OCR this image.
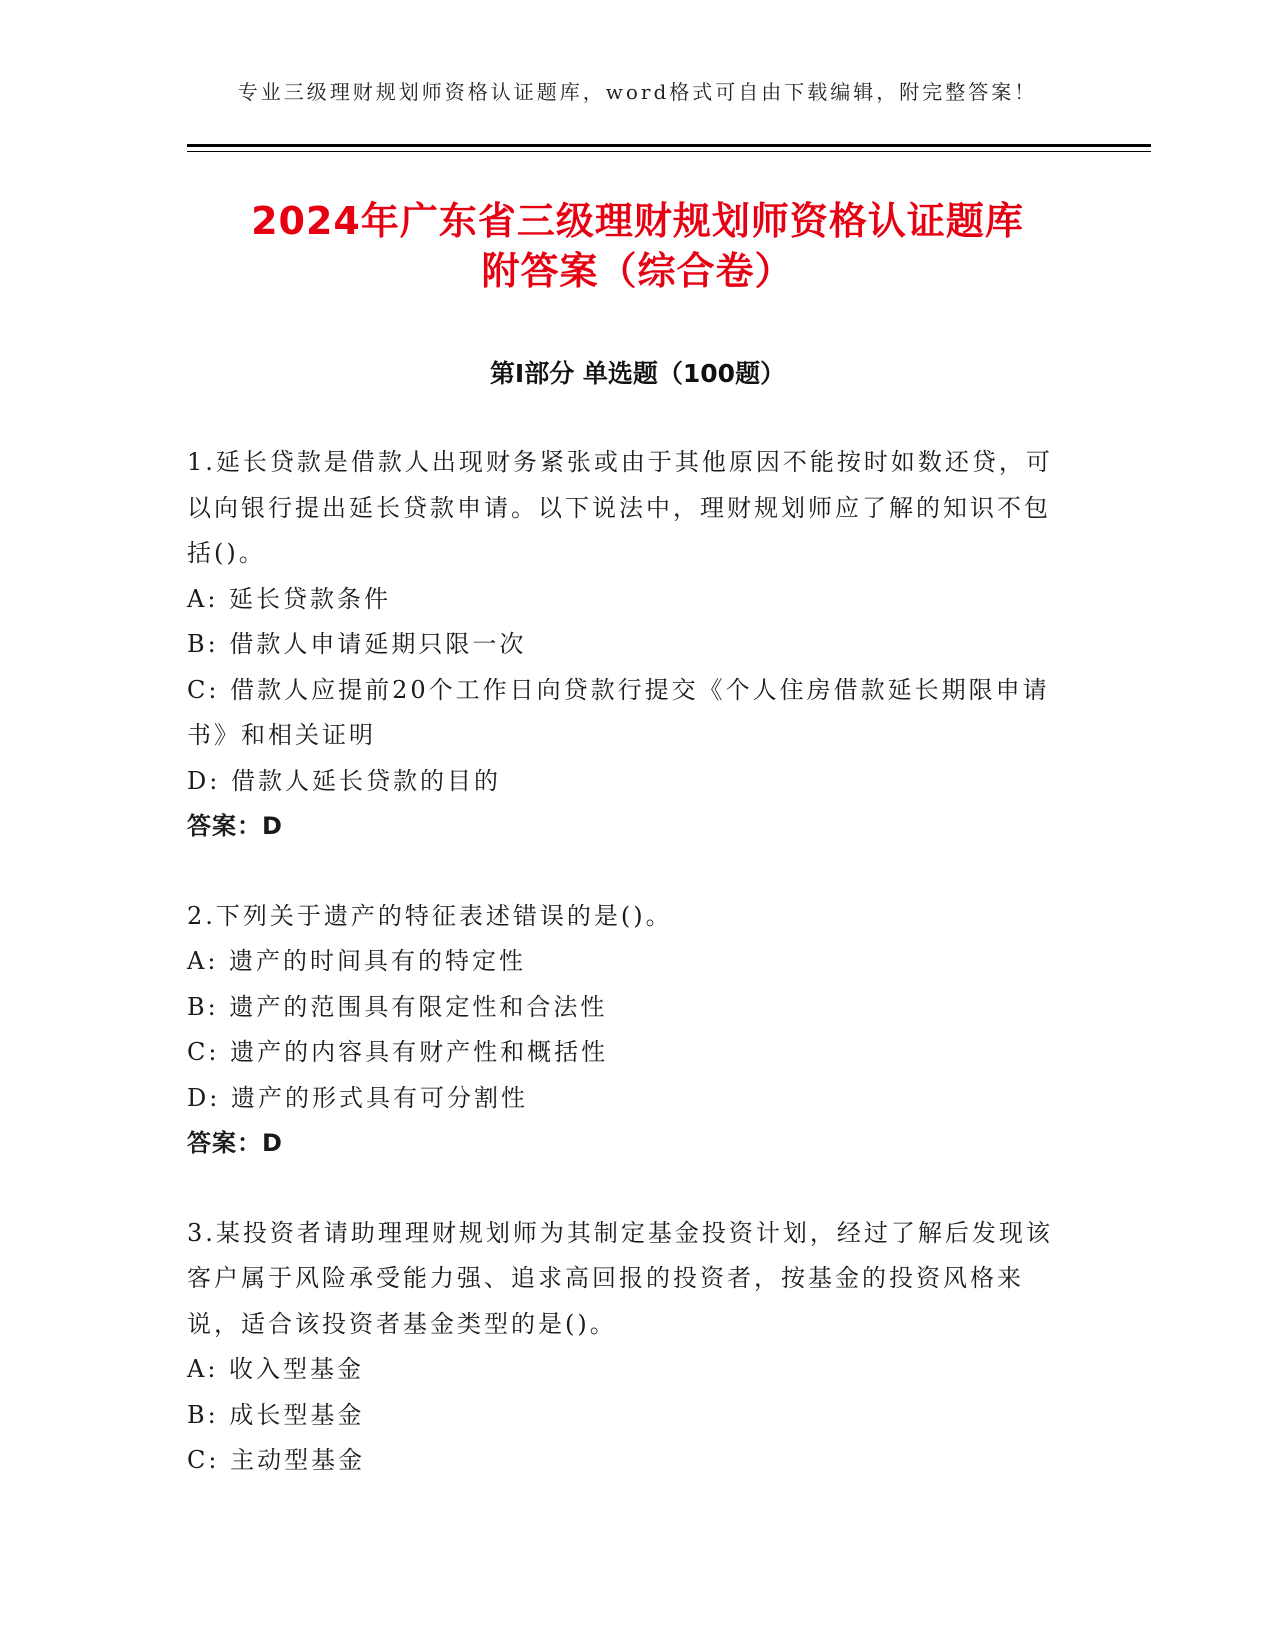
专业三级理财规划师资格认证题库，word格式可自由下载编辑，附完整答案！
2024年广东省三级理财规划师资格认证题库
附答案（综合卷）
第Ⅰ部分 单选题（100题）

1.延长贷款是借款人出现财务紧张或由于其他原因不能按时如数还贷，可以向银行提出延长贷款申请。以下说法中，理财规划师应了解的知识不包括()。

A: 延长贷款条件

B: 借款人申请延期只限一次

C: 借款人应提前20个工作日向贷款行提交《个人住房借款延长期限申请书》和相关证明

D: 借款人延长贷款的目的

答案：D

2.下列关于遗产的特征表述错误的是()。

A: 遗产的时间具有的特定性

B: 遗产的范围具有限定性和合法性

C: 遗产的内容具有财产性和概括性

D: 遗产的形式具有可分割性

答案：D

3.某投资者请助理理财规划师为其制定基金投资计划，经过了解后发现该客户属于风险承受能力强、追求高回报的投资者，按基金的投资风格来说，适合该投资者基金类型的是()。

A: 收入型基金

B: 成长型基金

C: 主动型基金
